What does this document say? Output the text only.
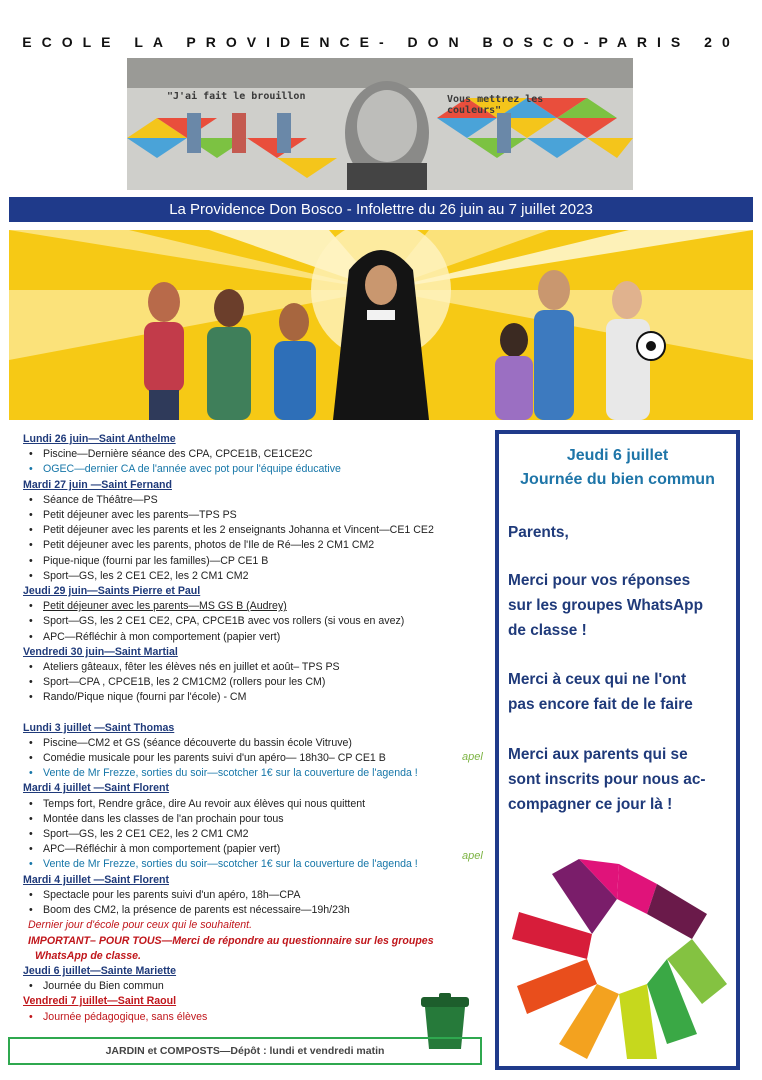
ECOLE LA PROVIDENCE- DON BOSCO-PARIS 20
"J'ai fait le brouillon	Vous mettrez les couleurs"
La Providence Don Bosco - Infolettre du 26 juin au 7 juillet 2023

Lundi 26 juin—Saint Anthelme

• Piscine—Dernière séance des CPA, CPCE1B, CE1CE2C

• OGEC—dernier CA de l'année avec pot pour l'équipe éducative

Mardi 27 juin —Saint Fernand

• Séance de Théâtre—PS

• Petit déjeuner avec les parents—TPS PS

• Petit déjeuner avec les parents et les 2 enseignants Johanna et Vincent—CE1 CE2

• Petit déjeuner avec les parents, photos de l'Ile de Ré—les 2 CM1 CM2

• Pique-nique (fourni par les familles)—CP CE1 B

• Sport—GS, les 2 CE1 CE2, les 2 CM1 CM2

Jeudi 29 juin—Saints Pierre et Paul

• Petit déjeuner avec les parents—MS GS B (Audrey)

• Sport—GS, les 2 CE1 CE2, CPA, CPCE1B avec vos rollers (si vous en avez)

• APC—Réfléchir à mon comportement (papier vert)

Vendredi 30 juin—Saint Martial

• Ateliers gâteaux, fêter les élèves nés en juillet et août– TPS PS

• Sport—CPA , CPCE1B, les 2 CM1CM2 (rollers pour les CM)

• Rando/Pique nique (fourni par l'école) - CM

Lundi 3 juillet —Saint Thomas

• Piscine—CM2 et GS (séance découverte du bassin école Vitruve)

• Comédie musicale pour les parents suivi d'un apéro— 18h30– CP CE1 B

• Vente de Mr Frezze, sorties du soir—scotcher 1€ sur la couverture de l'agenda !

Mardi 4 juillet —Saint Florent

• Temps fort, Rendre grâce, dire Au revoir aux élèves qui nous quittent

• Montée dans les classes de l'an prochain pour tous

• Sport—GS, les 2 CE1 CE2, les 2 CM1 CM2

• APC—Réfléchir à mon comportement (papier vert)

• Vente de Mr Frezze, sorties du soir—scotcher 1€ sur la couverture de l'agenda !

Mardi 4 juillet —Saint Florent

• Spectacle pour les parents suivi d'un apéro, 18h—CPA

• Boom des CM2, la présence de parents est nécessaire—19h/23h

Dernier jour d'école pour ceux qui le souhaitent.

IMPORTANT– POUR TOUS—Merci de répondre au questionnaire sur les groupes

WhatsApp de classe.

Jeudi 6 juillet—Sainte Mariette

• Journée du Bien commun

Vendredi 7 juillet—Saint Raoul

• Journée pédagogique, sans élèves

apel
apel
Jeudi 6 juillet
Journée du bien commun
Parents,
Merci pour vos réponses
sur les groupes WhatsApp
de classe !
Merci à ceux qui ne l'ont
pas encore fait de le faire
Merci aux parents qui se
sont inscrits pour nous ac-
compagner ce jour là !
JARDIN et COMPOSTS—Dépôt : lundi et vendredi matin
